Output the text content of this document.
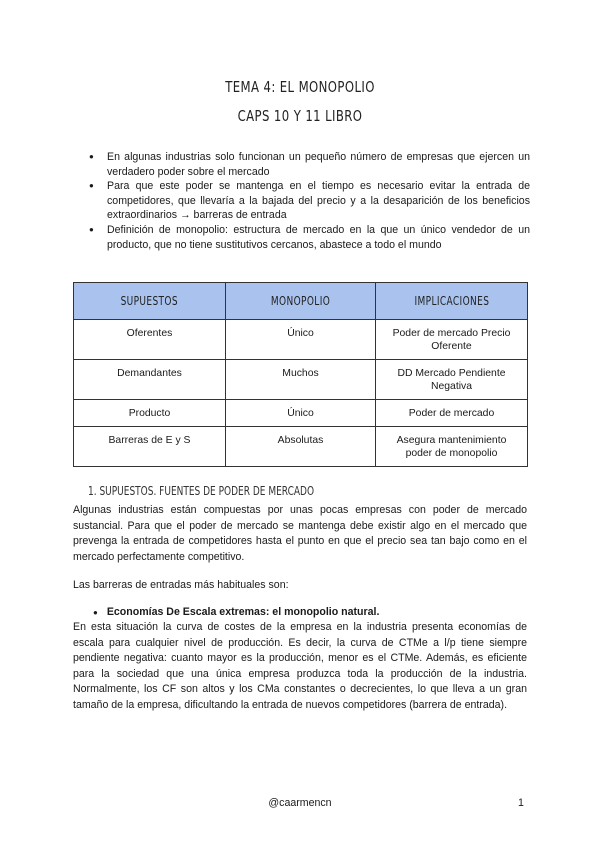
TEMA 4: EL MONOPOLIO
CAPS 10 Y 11 LIBRO
● En algunas industrias solo funcionan un pequeño número de empresas que ejercen un verdadero poder sobre el mercado
● Para que este poder se mantenga en el tiempo es necesario evitar la entrada de competidores, que llevaría a la bajada del precio y a la desaparición de los beneficios extraordinarios → barreras de entrada
● Definición de monopolio: estructura de mercado en la que un único vendedor de un producto, que no tiene sustitutivos cercanos, abastece a todo el mundo
SUPUESTOS	MONOPOLIO	IMPLICACIONES
Oferentes	Único	Poder de mercado Precio Oferente
Demandantes	Muchos	DD Mercado Pendiente Negativa
Producto	Único	Poder de mercado
Barreras de E y S	Absolutas	Asegura mantenimiento poder de monopolio
1. SUPUESTOS. FUENTES DE PODER DE MERCADO

Algunas industrias están compuestas por unas pocas empresas con poder de mercado sustancial. Para que el poder de mercado se mantenga debe existir algo en el mercado que prevenga la entrada de competidores hasta el punto en que el precio sea tan bajo como en el mercado perfectamente competitivo.

Las barreras de entradas más habituales son:

● Economías De Escala extremas: el monopolio natural.

En esta situación la curva de costes de la empresa en la industria presenta economías de escala para cualquier nivel de producción. Es decir, la curva de CTMe a l/p tiene siempre pendiente negativa: cuanto mayor es la producción, menor es el CTMe. Además, es eficiente para la sociedad que una única empresa produzca toda la producción de la industria. Normalmente, los CF son altos y los CMa constantes o decrecientes, lo que lleva a un gran tamaño de la empresa, dificultando la entrada de nuevos competidores (barrera de entrada).

@caarmencn	1
